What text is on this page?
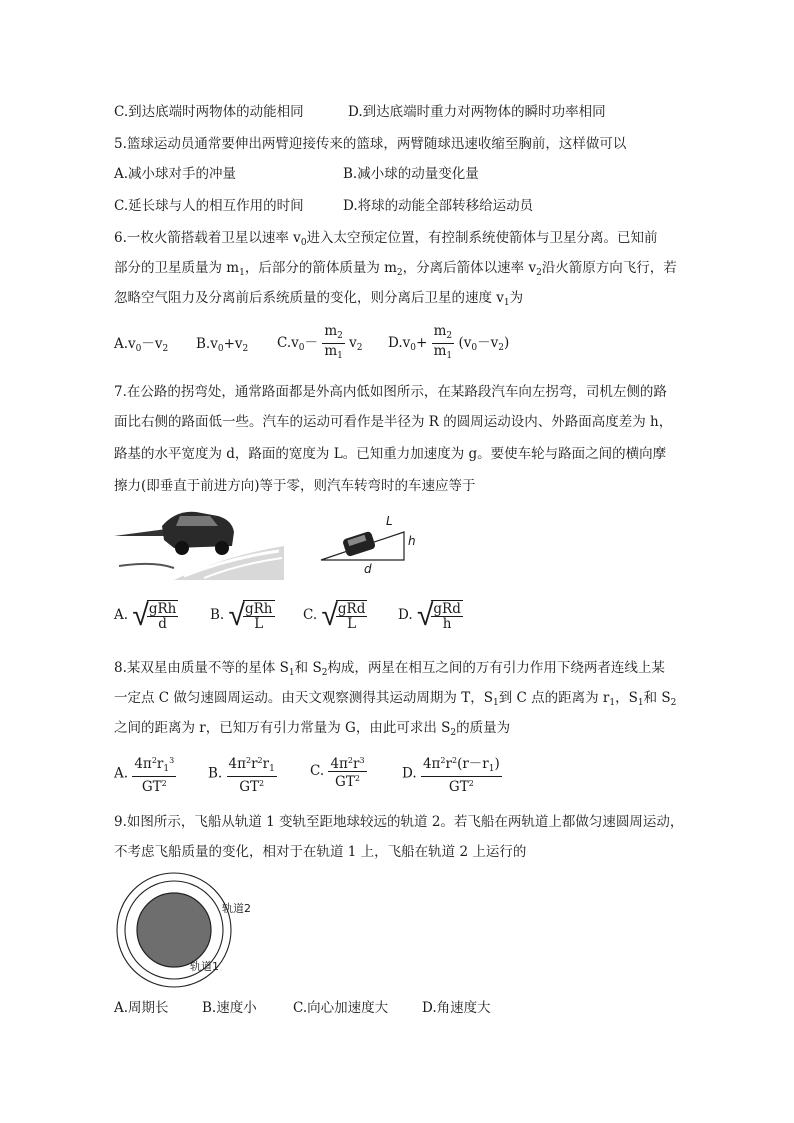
C.到达底端时两物体的动能相同	D.到达底端时重力对两物体的瞬时功率相同
5.篮球运动员通常要伸出两臂迎接传来的篮球，两臂随球迅速收缩至胸前，这样做可以
A.减小球对手的冲量	B.减小球的动量变化量
C.延长球与人的相互作用的时间	D.将球的动能全部转移给运动员
6.一枚火箭搭载着卫星以速率 $v_0$进入太空预定位置，有控制系统使箭体与卫星分离。已知前
部分的卫星质量为 $m_1$，后部分的箭体质量为 $m_2$，分离后箭体以速率 $v_2$沿火箭原方向飞行，若
忽略空气阻力及分离前后系统质量的变化，则分离后卫星的速度 $v_1$为
$A.v_0-v_2$ $B.v_0+v_2$ $C.v_0- \frac{m_2}{m_1} v_2$ $D.v_0+ \frac{m_2}{m_1} (v_0-v_2)$
7.在公路的拐弯处，通常路面都是外高内低如图所示，在某路段汽车向左拐弯，司机左侧的路
面比右侧的路面低一些。汽车的运动可看作是半径为 R 的圆周运动设内、外路面高度差为 h，
路基的水平宽度为 d，路面的宽度为 L。已知重力加速度为 g。要使车轮与路面之间的横向摩
擦力(即垂直于前进方向)等于零，则汽车转弯时的车速应等于
L
h
d
A. √
$\frac{\text{gRh}}{d} B$. √
$\frac{\text{gRh}}{L} C$. √
$\frac{\text{gRd}}{L} D$. √
$\frac{\text{gRd}}{h}$
8.某双星由质量不等的星体 $S_1$和 $S_2$构成，两星在相互之间的万有引力作用下绕两者连线上某
一定点 C 做匀速圆周运动。由天文观察测得其运动周期为 T，$S_1$到 C 点的距离为 $r_1$，$S_1$和 $S_2$
之间的距离为 r，已知万有引力常量为 G，由此可求出 $S_2$的质量为
A. $\frac{4\pi^2r_1^3}{GT^2} B$. $\frac{4\pi^2r^2r_1}{GT^2} C$. $\frac{4\pi^2r^3}{GT^2}$	D. $\frac{4\pi^2r^2(r-r_1)}{GT^2}$
9.如图所示，飞船从轨道 1 变轨至距地球较远的轨道 2。若飞船在两轨道上都做匀速圆周运动，
不考虑飞船质量的变化，相对于在轨道 1 上，飞船在轨道 2 上运行的
轨道2
轨道1
A.周期长 B.速度小	C.向心加速度大	D.角速度大
